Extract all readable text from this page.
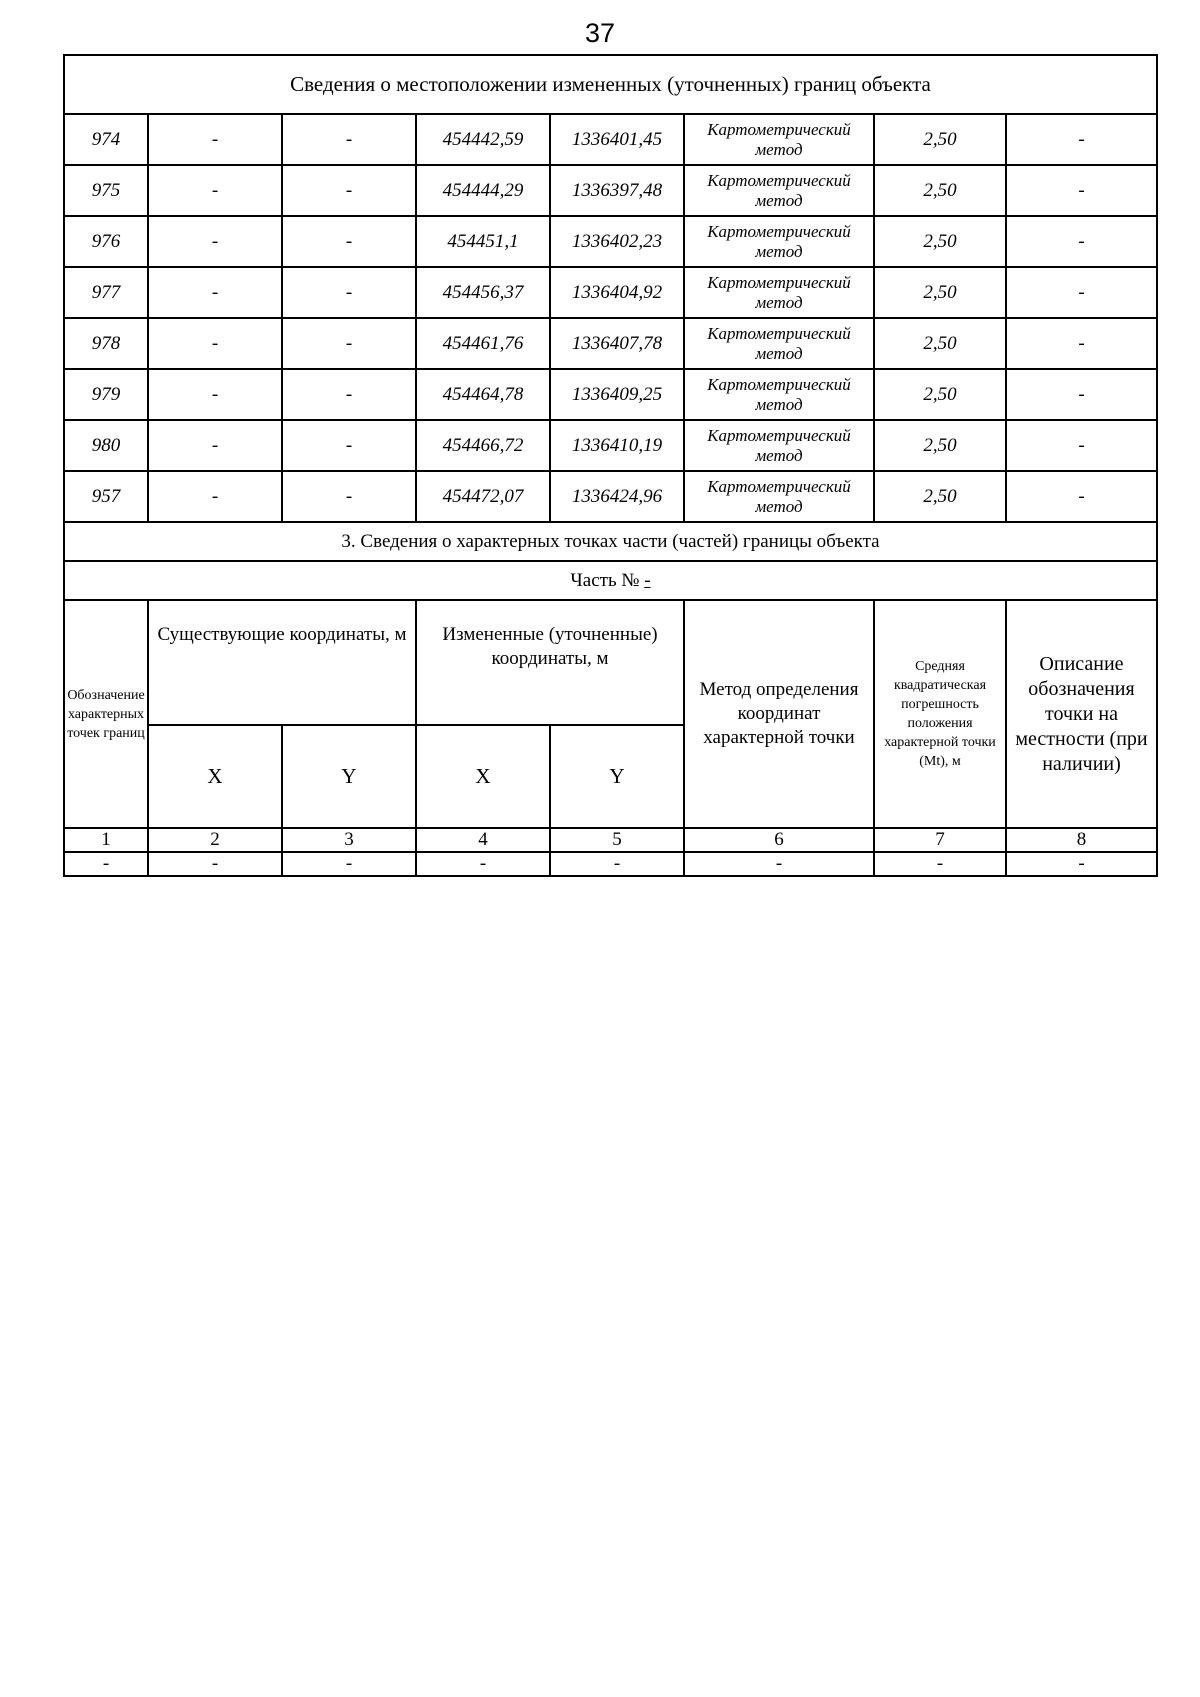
37
Сведения о местоположении измененных (уточненных) границ объекта							
974	-	-	454442,59	1336401,45	Картометрический метод	2,50	-
975	-	-	454444,29	1336397,48	Картометрический метод	2,50	-
976	-	-	454451,1	1336402,23	Картометрический метод	2,50	-
977	-	-	454456,37	1336404,92	Картометрический метод	2,50	-
978	-	-	454461,76	1336407,78	Картометрический метод	2,50	-
979	-	-	454464,78	1336409,25	Картометрический метод	2,50	-
980	-	-	454466,72	1336410,19	Картометрический метод	2,50	-
957	-	-	454472,07	1336424,96	Картометрический метод	2,50	-
3. Сведения о характерных точках части (частей) границы объекта							
Часть № -							
Обозначение характерных точек границ	Существующие координаты, м		Измененные (уточненные) координаты, м		Метод определения координат характерной точки	Средняя квадратическая погрешность положения характерной точки (Mt), м	Описание обозначения точки на местности (при наличии)
	X	Y	X	Y			
1	2	3	4	5	6	7	8
-	-	-	-	-	-	-	-
